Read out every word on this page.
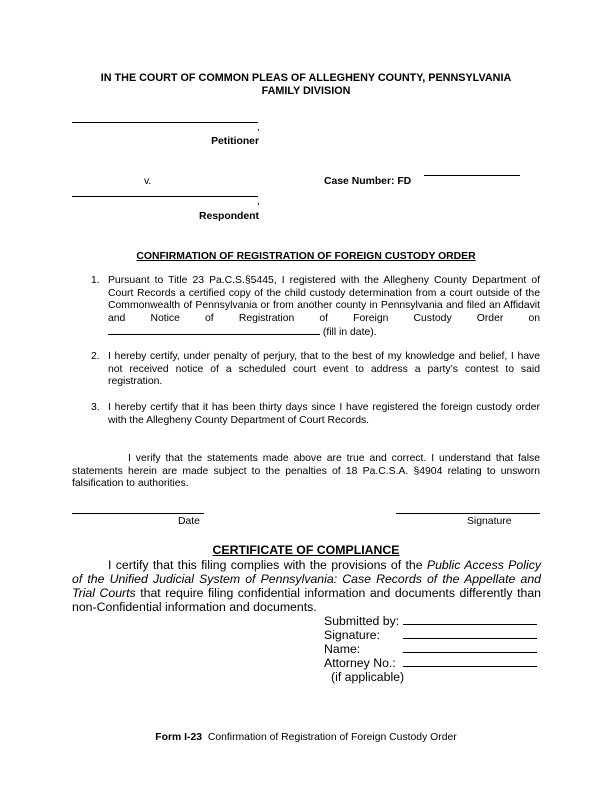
IN THE COURT OF COMMON PLEAS OF ALLEGHENY COUNTY, PENNSYLVANIA
FAMILY DIVISION
,
Petitioner
v.	Case Number: FD
,
Respondent
CONFIRMATION OF REGISTRATION OF FOREIGN CUSTODY ORDER
1. Pursuant to Title 23 Pa.C.S.§5445, I registered with the Allegheny County Department of Court Records a certified copy of the child custody determination from a court outside of the Commonwealth of Pennsylvania or from another county in Pennsylvania and filed an Affidavit and Notice of Registration of Foreign Custody Order on  (fill in date).
2. I hereby certify, under penalty of perjury, that to the best of my knowledge and belief, I have not received notice of a scheduled court event to address a party’s contest to said registration.
3. I hereby certify that it has been thirty days since I have registered the foreign custody order with the Allegheny County Department of Court Records.
I verify that the statements made above are true and correct. I understand that false statements herein are made subject to the penalties of 18 Pa.C.S.A. §4904 relating to unsworn falsification to authorities.
Date	Signature
CERTIFICATE OF COMPLIANCE
I certify that this filing complies with the provisions of the Public Access Policy of the Unified Judicial System of Pennsylvania: Case Records of the Appellate and Trial Courts that require filing confidential information and documents differently than non-Confidential information and documents.
Submitted by:
Signature:
Name:
Attorney No.:
(if applicable)
Form I-23 Confirmation of Registration of Foreign Custody Order
